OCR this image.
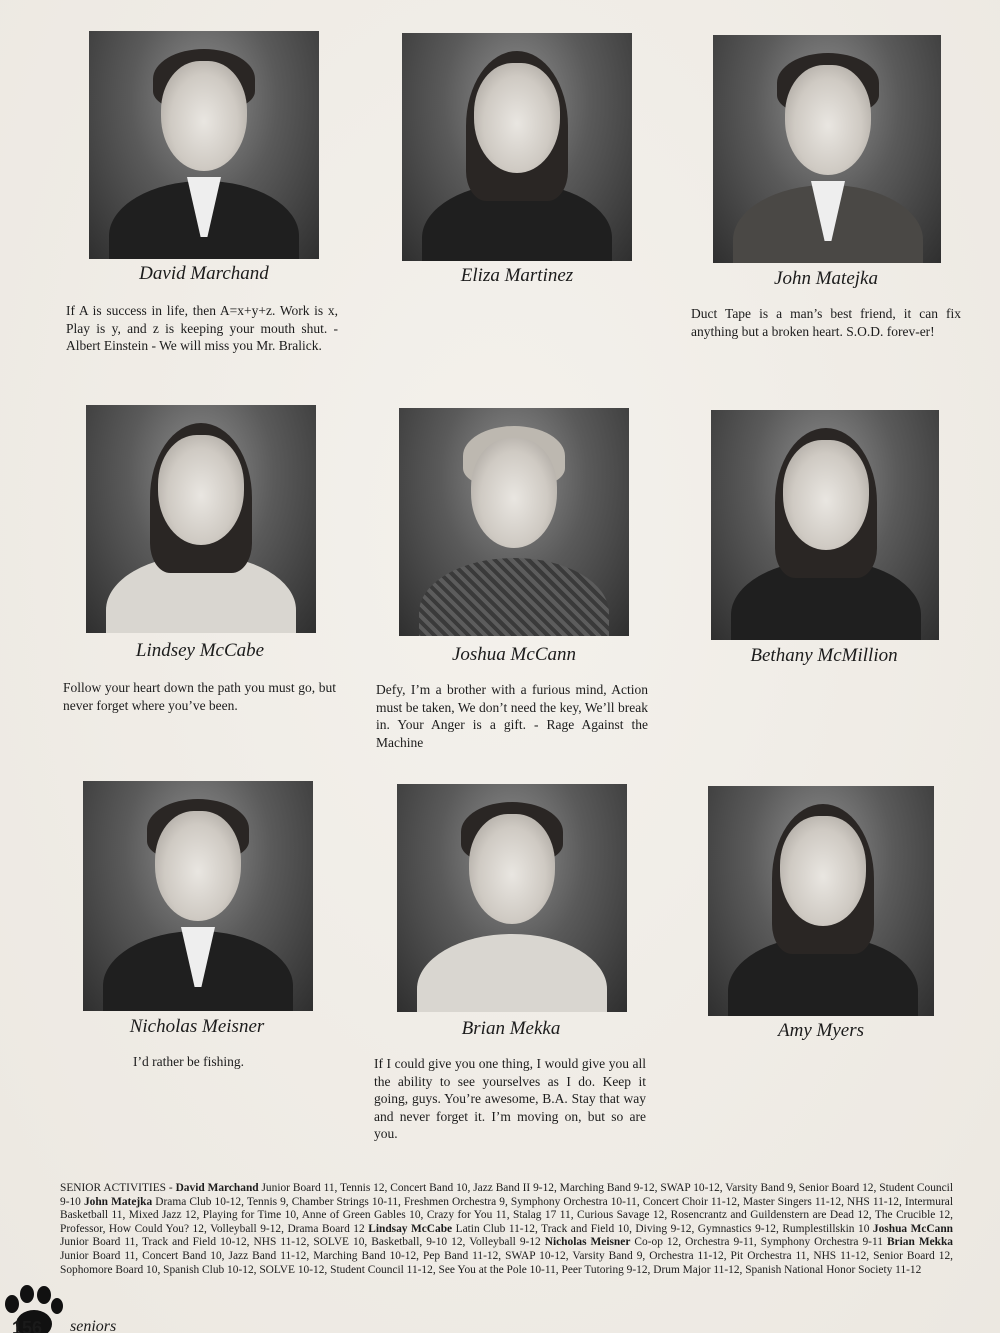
David Marchand
If A is success in life, then A=x+y+z. Work is x, Play is y, and z is keeping your mouth shut. -Albert Einstein - We will miss you Mr. Bralick.
Eliza Martinez	John Matejka
Duct Tape is a man’s best friend, it can fix anything but a broken heart. S.O.D. forev-er!
Lindsey McCabe
Follow your heart down the path you must go, but never forget where you’ve been.
Joshua McCann
Defy, I’m a brother with a furious mind, Action must be taken, We don’t need the key, We’ll break in. Your Anger is a gift. - Rage Against the Machine
Bethany McMillion
Nicholas Meisner
I’d rather be fishing.
Brian Mekka
If I could give you one thing, I would give you all the ability to see yourselves as I do. Keep it going, guys. You’re awesome, B.A. Stay that way and never forget it. I’m moving on, but so are you.
Amy Myers
SENIOR ACTIVITIES - David Marchand Junior Board 11, Tennis 12, Concert Band 10, Jazz Band II 9-12, Marching Band 9-12, SWAP 10-12, Varsity Band 9, Senior Board 12, Student Council 9-10 John Matejka Drama Club 10-12, Tennis 9, Chamber Strings 10-11, Freshmen Orchestra 9, Symphony Orchestra 10-11, Concert Choir 11-12, Master Singers 11-12, NHS 11-12, Intermural Basketball 11, Mixed Jazz 12, Playing for Time 10, Anne of Green Gables 10, Crazy for You 11, Stalag 17 11, Curious Savage 12, Rosencrantz and Guildenstern are Dead 12, The Crucible 12, Professor, How Could You? 12, Volleyball 9-12, Drama Board 12 Lindsay McCabe Latin Club 11-12, Track and Field 10, Diving 9-12, Gymnastics 9-12, Rumplestillskin 10 Joshua McCann Junior Board 11, Track and Field 10-12, NHS 11-12, SOLVE 10, Basketball, 9-10 12, Volleyball 9-12 Nicholas Meisner Co-op 12, Orchestra 9-11, Symphony Orchestra 9-11 Brian Mekka Junior Board 11, Concert Band 10, Jazz Band 11-12, Marching Band 10-12, Pep Band 11-12, SWAP 10-12, Varsity Band 9, Orchestra 11-12, Pit Orchestra 11, NHS 11-12, Senior Board 12, Sophomore Board 10, Spanish Club 10-12, SOLVE 10-12, Student Council 11-12, See You at the Pole 10-11, Peer Tutoring 9-12, Drum Major 11-12, Spanish National Honor Society 11-12
156 seniors
